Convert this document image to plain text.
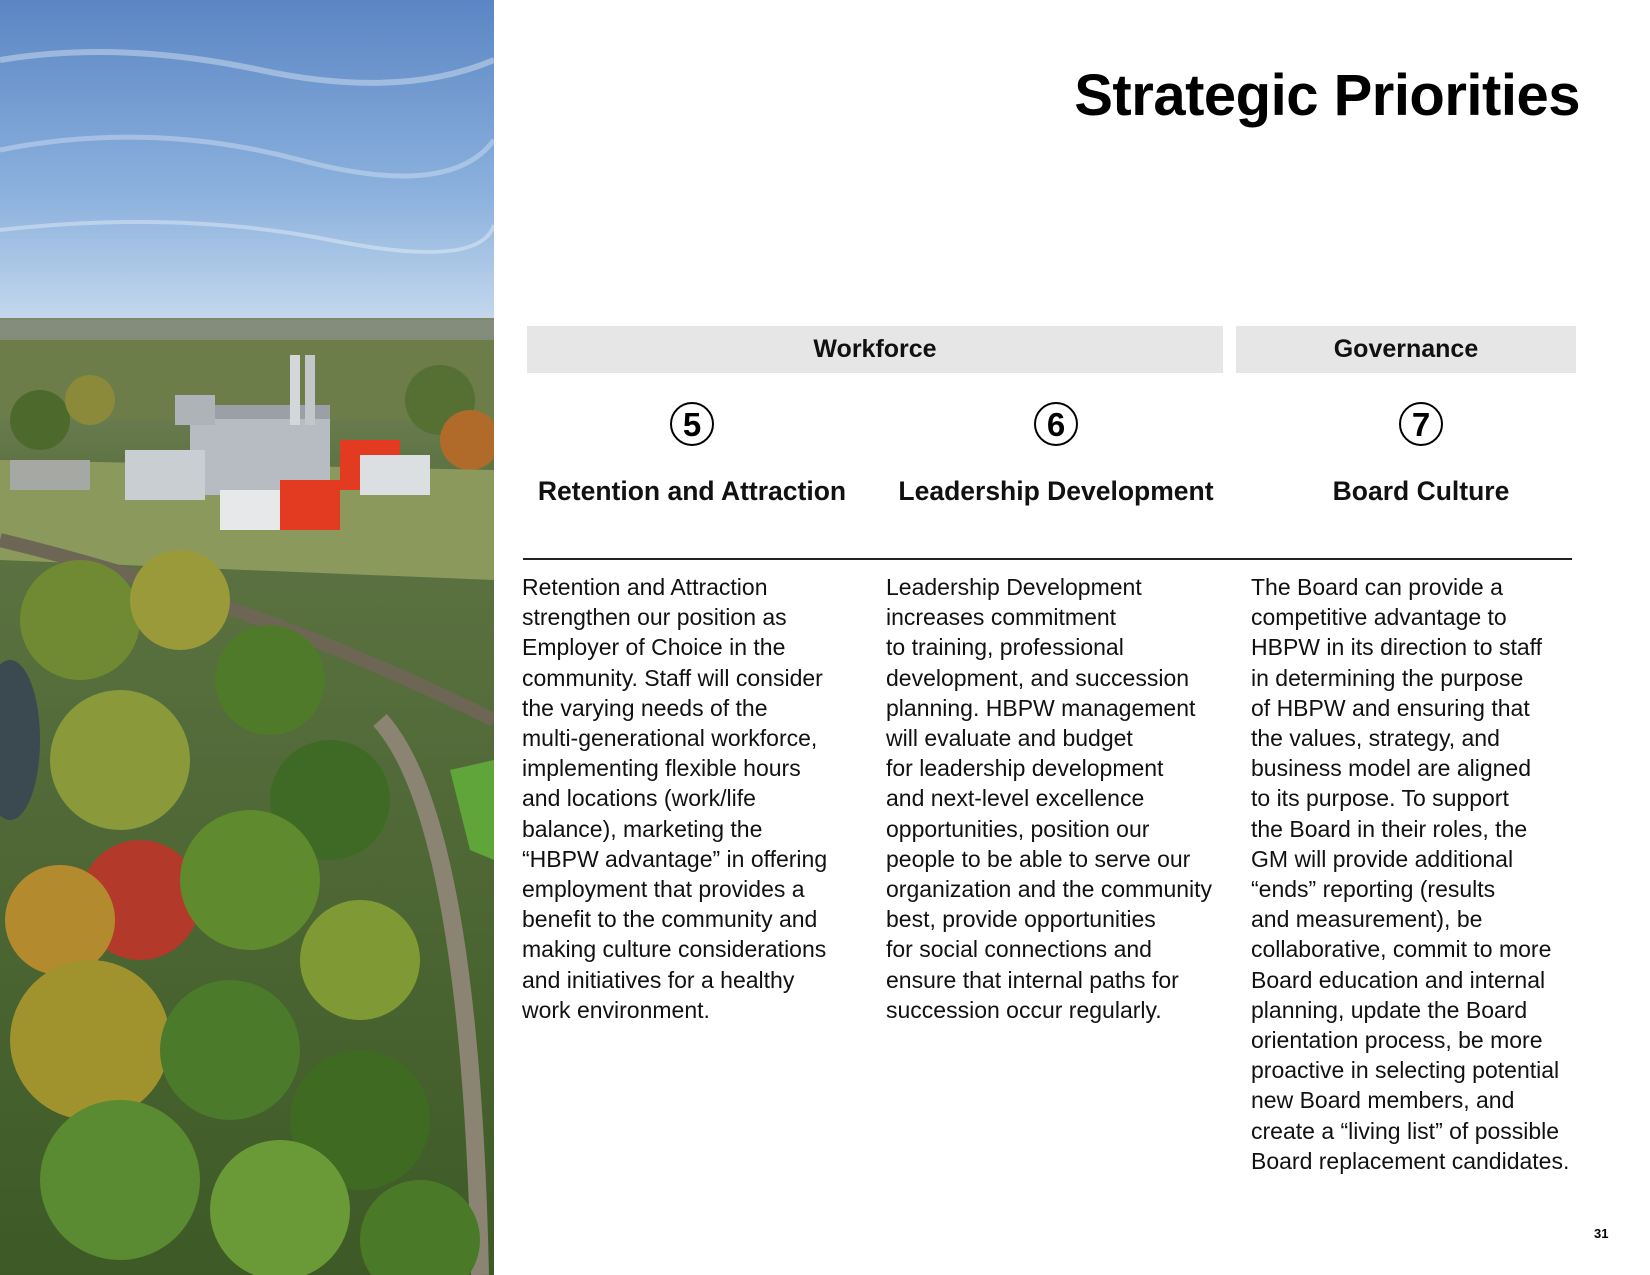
Strategic Priorities
Workforce	Governance
5
Retention and Attraction
6
Leadership Development
7
Board Culture

Retention and Attraction
strengthen our position as
Employer of Choice in the
community. Staff will consider
the varying needs of the
multi-generational workforce,
implementing flexible hours
and locations (work/life
balance), marketing the
“HBPW advantage” in offering
employment that provides a
benefit to the community and
making culture considerations
and initiatives for a healthy
work environment.

Leadership Development
increases commitment
to training, professional
development, and succession
planning. HBPW management
will evaluate and budget
for leadership development
and next-level excellence
opportunities, position our
people to be able to serve our
organization and the community
best, provide opportunities
for social connections and
ensure that internal paths for
succession occur regularly.

The Board can provide a
competitive advantage to
HBPW in its direction to staff
in determining the purpose
of HBPW and ensuring that
the values, strategy, and
business model are aligned
to its purpose. To support
the Board in their roles, the
GM will provide additional
“ends” reporting (results
and measurement), be
collaborative, commit to more
Board education and internal
planning, update the Board
orientation process, be more
proactive in selecting potential
new Board members, and
create a “living list” of possible
Board replacement candidates.

31
